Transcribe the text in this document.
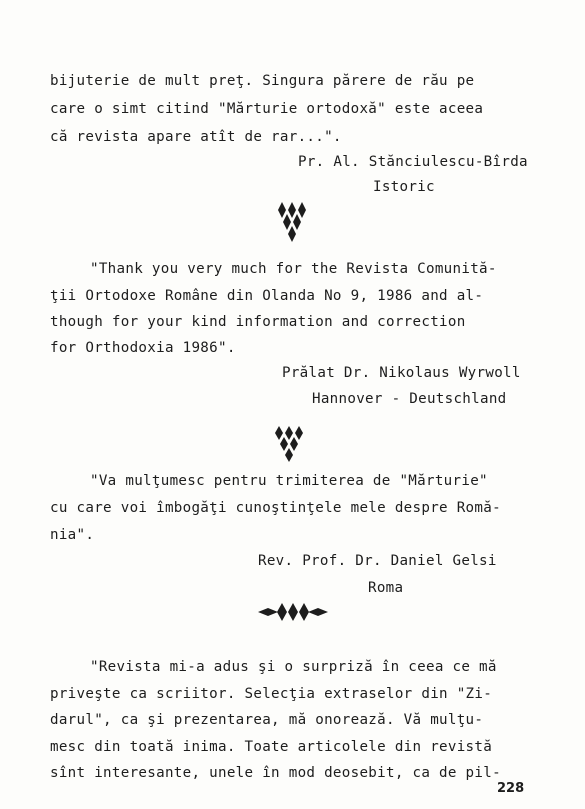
bijuterie de mult preţ. Singura părere de rău pe
care o simt citind "Mărturie ortodoxă" este aceea
că revista apare atît de rar...".
Pr. Al. Stănciulescu-Bîrda
Istoric
"Thank you very much for the Revista Comunită-
ţii Ortodoxe Române din Olanda No 9, 1986 and al-
though for your kind information and correction
for Orthodoxia 1986".
Prălat Dr. Nikolaus Wyrwoll
Hannover - Deutschland
"Va mulţumesc pentru trimiterea de "Mărturie"
cu care voi îmbogăţi cunoştinţele mele despre Romă-
nia".
Rev. Prof. Dr. Daniel Gelsi
Roma
"Revista mi-a adus şi o surpriză în ceea ce mă
priveşte ca scriitor. Selecţia extraselor din "Zi-
darul", ca şi prezentarea, mă onorează. Vă mulţu-
mesc din toată inima. Toate articolele din revistă
sînt interesante, unele în mod deosebit, ca de pil-
228
